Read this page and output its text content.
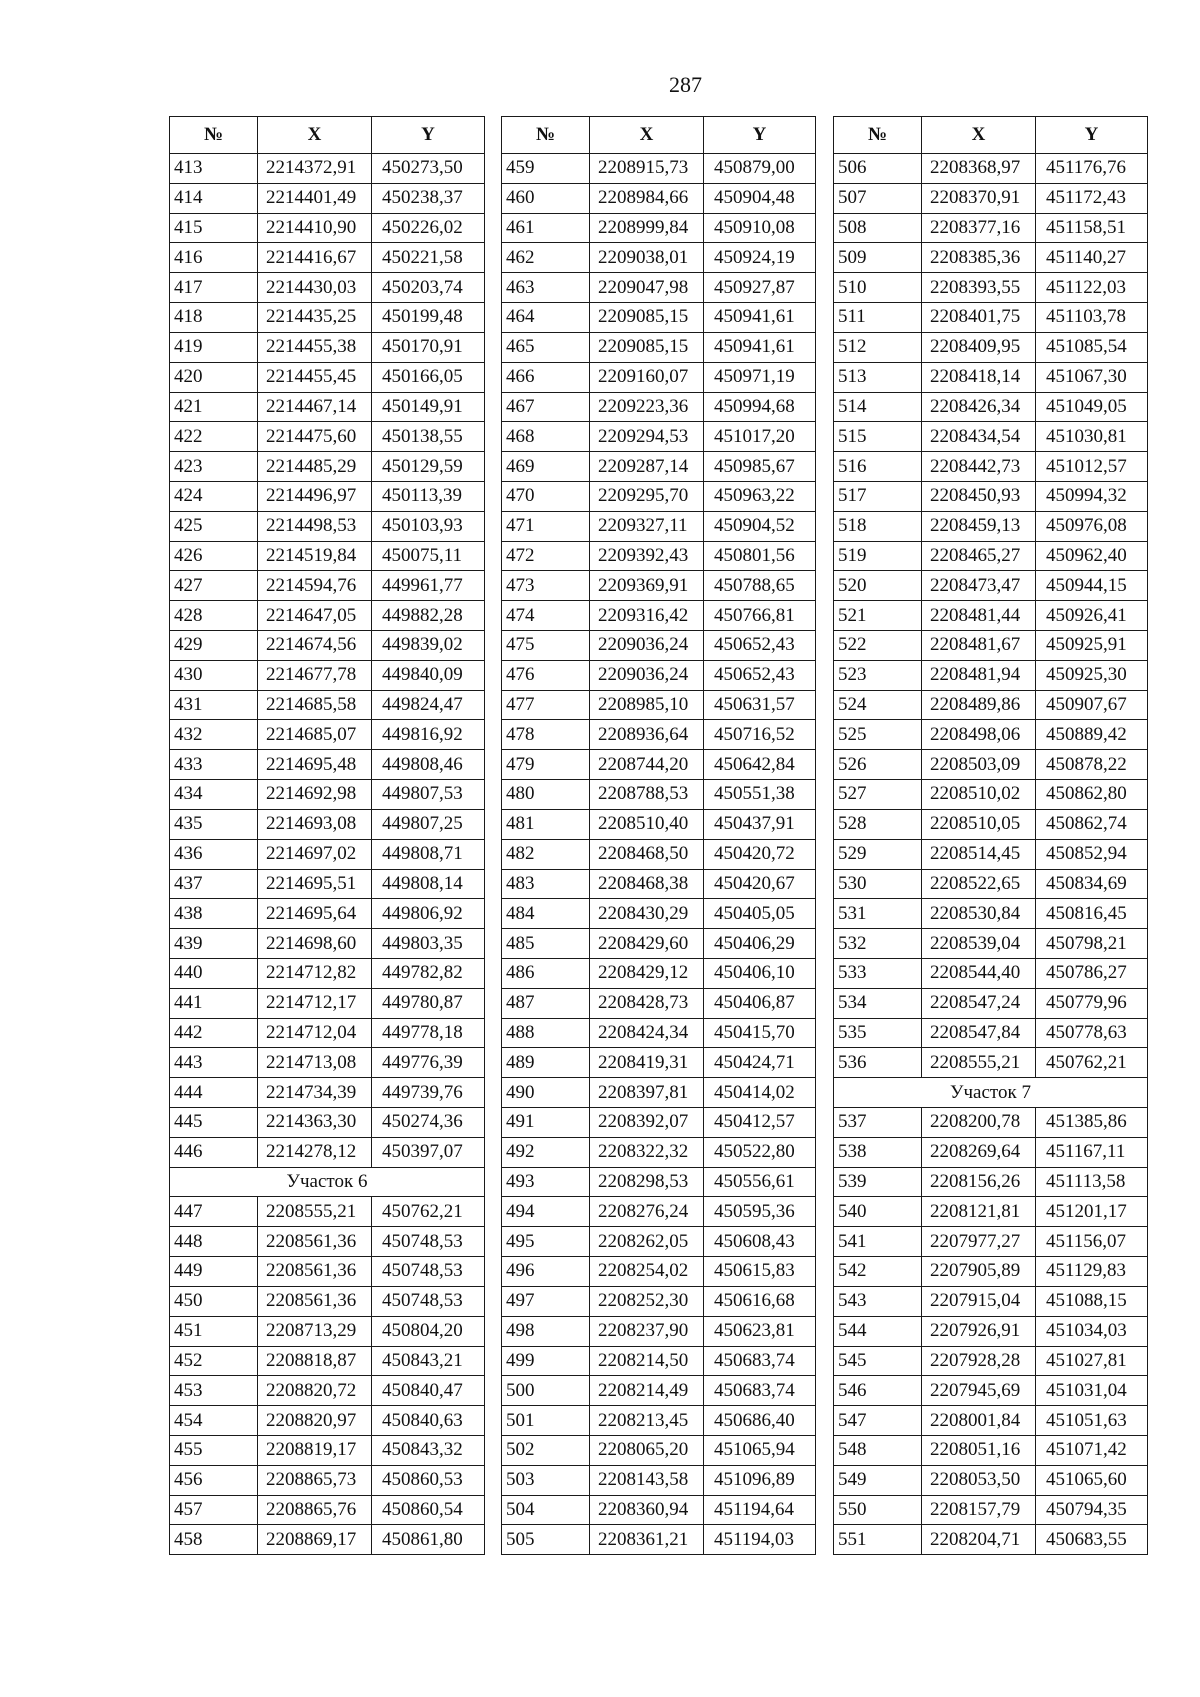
287
№	X	Y
413	2214372,91	450273,50
414	2214401,49	450238,37
415	2214410,90	450226,02
416	2214416,67	450221,58
417	2214430,03	450203,74
418	2214435,25	450199,48
419	2214455,38	450170,91
420	2214455,45	450166,05
421	2214467,14	450149,91
422	2214475,60	450138,55
423	2214485,29	450129,59
424	2214496,97	450113,39
425	2214498,53	450103,93
426	2214519,84	450075,11
427	2214594,76	449961,77
428	2214647,05	449882,28
429	2214674,56	449839,02
430	2214677,78	449840,09
431	2214685,58	449824,47
432	2214685,07	449816,92
433	2214695,48	449808,46
434	2214692,98	449807,53
435	2214693,08	449807,25
436	2214697,02	449808,71
437	2214695,51	449808,14
438	2214695,64	449806,92
439	2214698,60	449803,35
440	2214712,82	449782,82
441	2214712,17	449780,87
442	2214712,04	449778,18
443	2214713,08	449776,39
444	2214734,39	449739,76
445	2214363,30	450274,36
446	2214278,12	450397,07
Участок 6		
447	2208555,21	450762,21
448	2208561,36	450748,53
449	2208561,36	450748,53
450	2208561,36	450748,53
451	2208713,29	450804,20
452	2208818,87	450843,21
453	2208820,72	450840,47
454	2208820,97	450840,63
455	2208819,17	450843,32
456	2208865,73	450860,53
457	2208865,76	450860,54
458	2208869,17	450861,80
№	X	Y
459	2208915,73	450879,00
460	2208984,66	450904,48
461	2208999,84	450910,08
462	2209038,01	450924,19
463	2209047,98	450927,87
464	2209085,15	450941,61
465	2209085,15	450941,61
466	2209160,07	450971,19
467	2209223,36	450994,68
468	2209294,53	451017,20
469	2209287,14	450985,67
470	2209295,70	450963,22
471	2209327,11	450904,52
472	2209392,43	450801,56
473	2209369,91	450788,65
474	2209316,42	450766,81
475	2209036,24	450652,43
476	2209036,24	450652,43
477	2208985,10	450631,57
478	2208936,64	450716,52
479	2208744,20	450642,84
480	2208788,53	450551,38
481	2208510,40	450437,91
482	2208468,50	450420,72
483	2208468,38	450420,67
484	2208430,29	450405,05
485	2208429,60	450406,29
486	2208429,12	450406,10
487	2208428,73	450406,87
488	2208424,34	450415,70
489	2208419,31	450424,71
490	2208397,81	450414,02
491	2208392,07	450412,57
492	2208322,32	450522,80
493	2208298,53	450556,61
494	2208276,24	450595,36
495	2208262,05	450608,43
496	2208254,02	450615,83
497	2208252,30	450616,68
498	2208237,90	450623,81
499	2208214,50	450683,74
500	2208214,49	450683,74
501	2208213,45	450686,40
502	2208065,20	451065,94
503	2208143,58	451096,89
504	2208360,94	451194,64
505	2208361,21	451194,03
№	X	Y
506	2208368,97	451176,76
507	2208370,91	451172,43
508	2208377,16	451158,51
509	2208385,36	451140,27
510	2208393,55	451122,03
511	2208401,75	451103,78
512	2208409,95	451085,54
513	2208418,14	451067,30
514	2208426,34	451049,05
515	2208434,54	451030,81
516	2208442,73	451012,57
517	2208450,93	450994,32
518	2208459,13	450976,08
519	2208465,27	450962,40
520	2208473,47	450944,15
521	2208481,44	450926,41
522	2208481,67	450925,91
523	2208481,94	450925,30
524	2208489,86	450907,67
525	2208498,06	450889,42
526	2208503,09	450878,22
527	2208510,02	450862,80
528	2208510,05	450862,74
529	2208514,45	450852,94
530	2208522,65	450834,69
531	2208530,84	450816,45
532	2208539,04	450798,21
533	2208544,40	450786,27
534	2208547,24	450779,96
535	2208547,84	450778,63
536	2208555,21	450762,21
Участок 7		
537	2208200,78	451385,86
538	2208269,64	451167,11
539	2208156,26	451113,58
540	2208121,81	451201,17
541	2207977,27	451156,07
542	2207905,89	451129,83
543	2207915,04	451088,15
544	2207926,91	451034,03
545	2207928,28	451027,81
546	2207945,69	451031,04
547	2208001,84	451051,63
548	2208051,16	451071,42
549	2208053,50	451065,60
550	2208157,79	450794,35
551	2208204,71	450683,55
